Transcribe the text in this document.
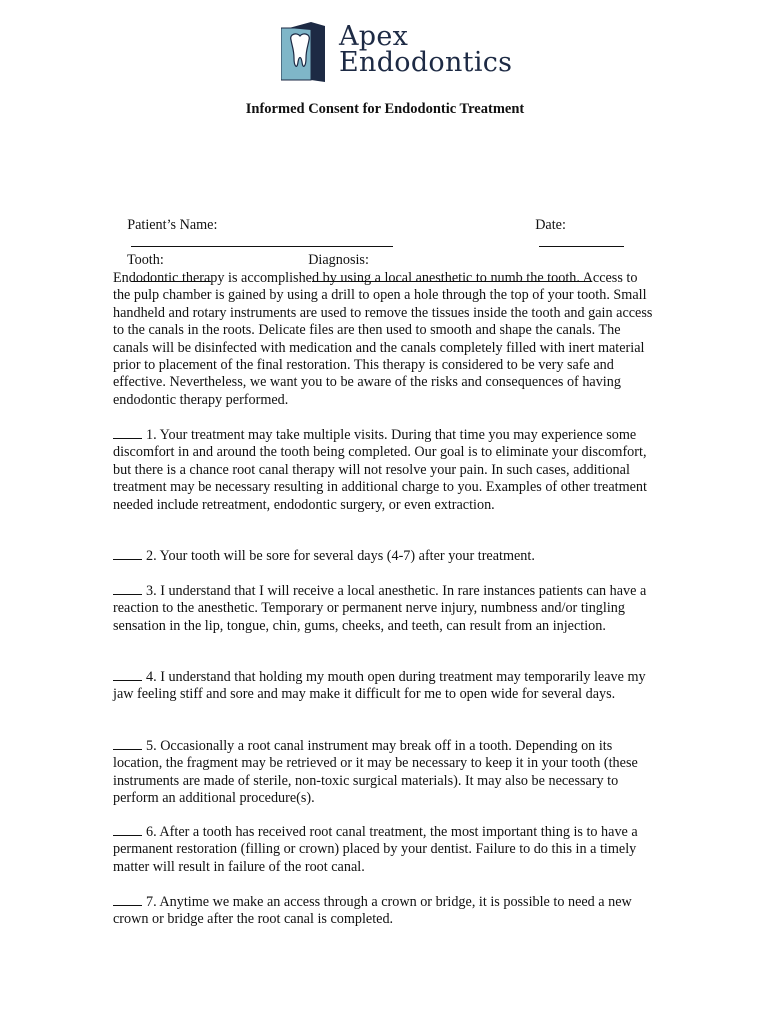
Apex
Endodontics
Informed Consent for Endodontic Treatment

Patient’s Name:

	Date:

Tooth:

	Diagnosis:

Endodontic therapy is accomplished by using a local anesthetic to numb the tooth. Access to the pulp chamber is gained by using a drill to open a hole through the top of your tooth. Small handheld and rotary instruments are used to remove the tissues inside the tooth and gain access to the canals in the roots. Delicate files are then used to smooth and shape the canals. The canals will be disinfected with medication and the canals completely filled with inert material prior to placement of the final restoration. This therapy is considered to be very safe and effective. Nevertheless, we want you to be aware of the risks and consequences of having endodontic therapy performed.

1. Your treatment may take multiple visits. During that time you may experience some discomfort in and around the tooth being completed. Our goal is to eliminate your discomfort, but there is a chance root canal therapy will not resolve your pain. In such cases, additional treatment may be necessary resulting in additional charge to you. Examples of other treatment needed include retreatment, endodontic surgery, or even extraction.

2. Your tooth will be sore for several days (4-7) after your treatment.

3. I understand that I will receive a local anesthetic. In rare instances patients can have a reaction to the anesthetic. Temporary or permanent nerve injury, numbness and/or tingling sensation in the lip, tongue, chin, gums, cheeks, and teeth, can result from an injection.

4. I understand that holding my mouth open during treatment may temporarily leave my jaw feeling stiff and sore and may make it difficult for me to open wide for several days.

5. Occasionally a root canal instrument may break off in a tooth. Depending on its location, the fragment may be retrieved or it may be necessary to keep it in your tooth (these instruments are made of sterile, non-toxic surgical materials). It may also be necessary to perform an additional procedure(s).

6. After a tooth has received root canal treatment, the most important thing is to have a permanent restoration (filling or crown) placed by your dentist. Failure to do this in a timely matter will result in failure of the root canal.

7. Anytime we make an access through a crown or bridge, it is possible to need a new crown or bridge after the root canal is completed.
